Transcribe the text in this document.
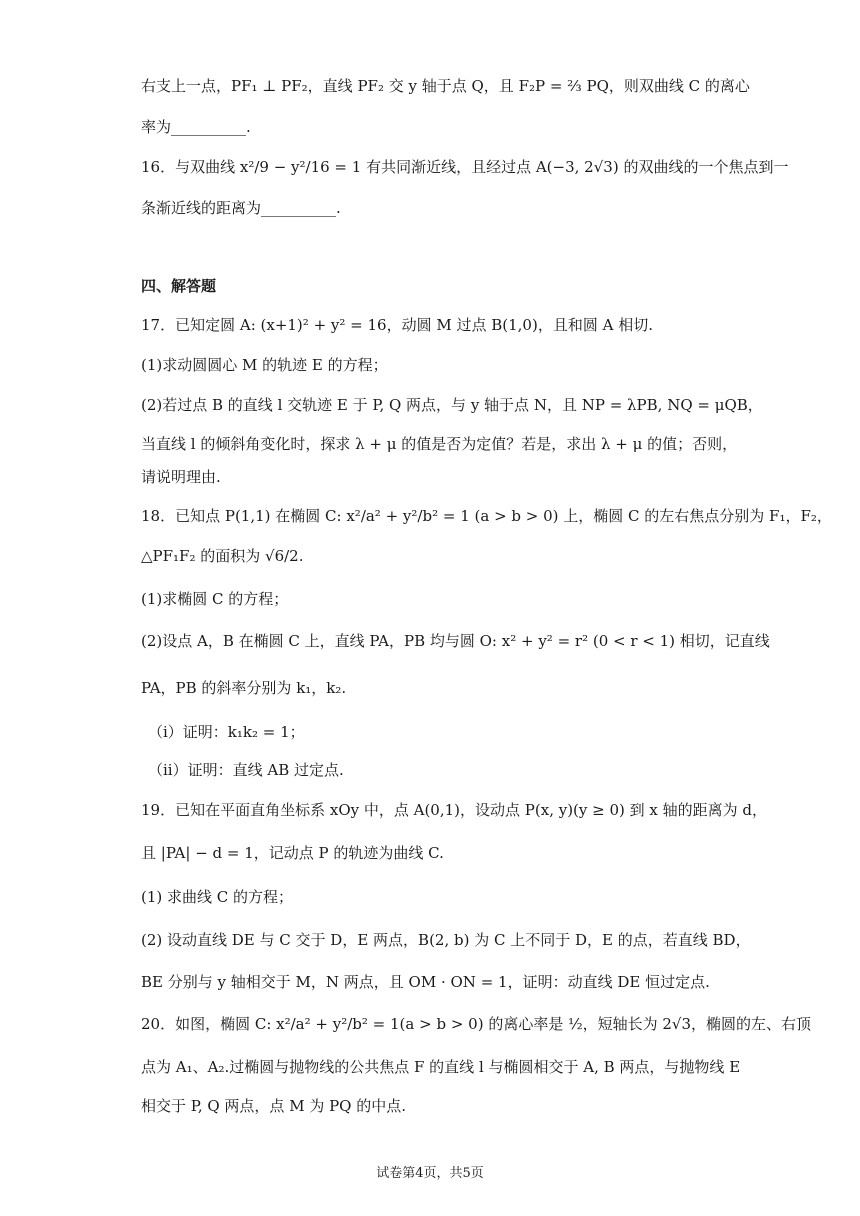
右支上一点，PF₁ ⊥ PF₂，直线 PF₂ 交 y 轴于点 Q，且 F₂P = ⅔ PQ，则双曲线 C 的离心
率为__________.
16．与双曲线 x²/9 − y²/16 = 1 有共同渐近线，且经过点 A(−3, 2√3) 的双曲线的一个焦点到一
条渐近线的距离为__________.
四、解答题
17．已知定圆 A: (x+1)² + y² = 16，动圆 M 过点 B(1,0)，且和圆 A 相切.
(1)求动圆圆心 M 的轨迹 E 的方程；
(2)若过点 B 的直线 l 交轨迹 E 于 P, Q 两点，与 y 轴于点 N，且 NP = λPB, NQ = μQB，
当直线 l 的倾斜角变化时，探求 λ + μ 的值是否为定值？若是，求出 λ + μ 的值；否则，
请说明理由.
18．已知点 P(1,1) 在椭圆 C: x²/a² + y²/b² = 1 (a > b > 0) 上，椭圆 C 的左右焦点分别为 F₁，F₂，
△PF₁F₂ 的面积为 √6/2.
(1)求椭圆 C 的方程；
(2)设点 A，B 在椭圆 C 上，直线 PA，PB 均与圆 O: x² + y² = r² (0 < r < 1) 相切，记直线
PA，PB 的斜率分别为 k₁，k₂.
（i）证明：k₁k₂ = 1；
（ii）证明：直线 AB 过定点.
19．已知在平面直角坐标系 xOy 中，点 A(0,1)，设动点 P(x, y)(y ≥ 0) 到 x 轴的距离为 d，
且 |PA| − d = 1，记动点 P 的轨迹为曲线 C.
(1) 求曲线 C 的方程；
(2) 设动直线 DE 与 C 交于 D，E 两点，B(2, b) 为 C 上不同于 D，E 的点，若直线 BD，
BE 分别与 y 轴相交于 M，N 两点，且 OM · ON = 1，证明：动直线 DE 恒过定点.
20．如图，椭圆 C: x²/a² + y²/b² = 1(a > b > 0) 的离心率是 ½，短轴长为 2√3，椭圆的左、右顶
点为 A₁、A₂.过椭圆与抛物线的公共焦点 F 的直线 l 与椭圆相交于 A, B 两点，与抛物线 E
相交于 P, Q 两点，点 M 为 PQ 的中点.
试卷第4页，共5页
